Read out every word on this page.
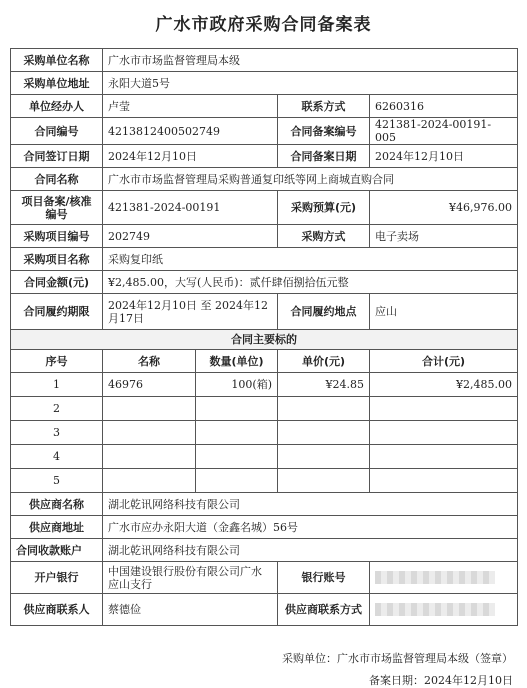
广水市政府采购合同备案表
采购单位名称	广水市市场监督管理局本级			
采购单位地址	永阳大道5号			
单位经办人	卢莹		联系方式	6260316
合同编号	4213812400502749		合同备案编号	421381-2024-00191-005
合同签订日期	2024年12月10日		合同备案日期	2024年12月10日
合同名称	广水市市场监督管理局采购普通复印纸等网上商城直购合同			
项目备案/核准编号	421381-2024-00191		采购预算(元)	¥46,976.00
采购项目编号	202749		采购方式	电子卖场
采购项目名称	采购复印纸			
合同金额(元)	¥2,485.00，大写(人民币)：贰仟肆佰捌拾伍元整			
合同履约期限	2024年12月10日 至 2024年12月17日		合同履约地点	应山
合同主要标的				
序号	名称	数量(单位)	单价(元)	合计(元)
1	46976	100(箱)	¥24.85	¥2,485.00
2				
3				
4				
5				
供应商名称	湖北乾讯网络科技有限公司			
供应商地址	广水市应办永阳大道（金鑫名城）56号			
合同收款账户	湖北乾讯网络科技有限公司			
开户银行	中国建设银行股份有限公司广水应山支行		银行账号	
供应商联系人	蔡德俭		供应商联系方式	
采购单位：广水市市场监督管理局本级（签章）
备案日期：2024年12月10日
